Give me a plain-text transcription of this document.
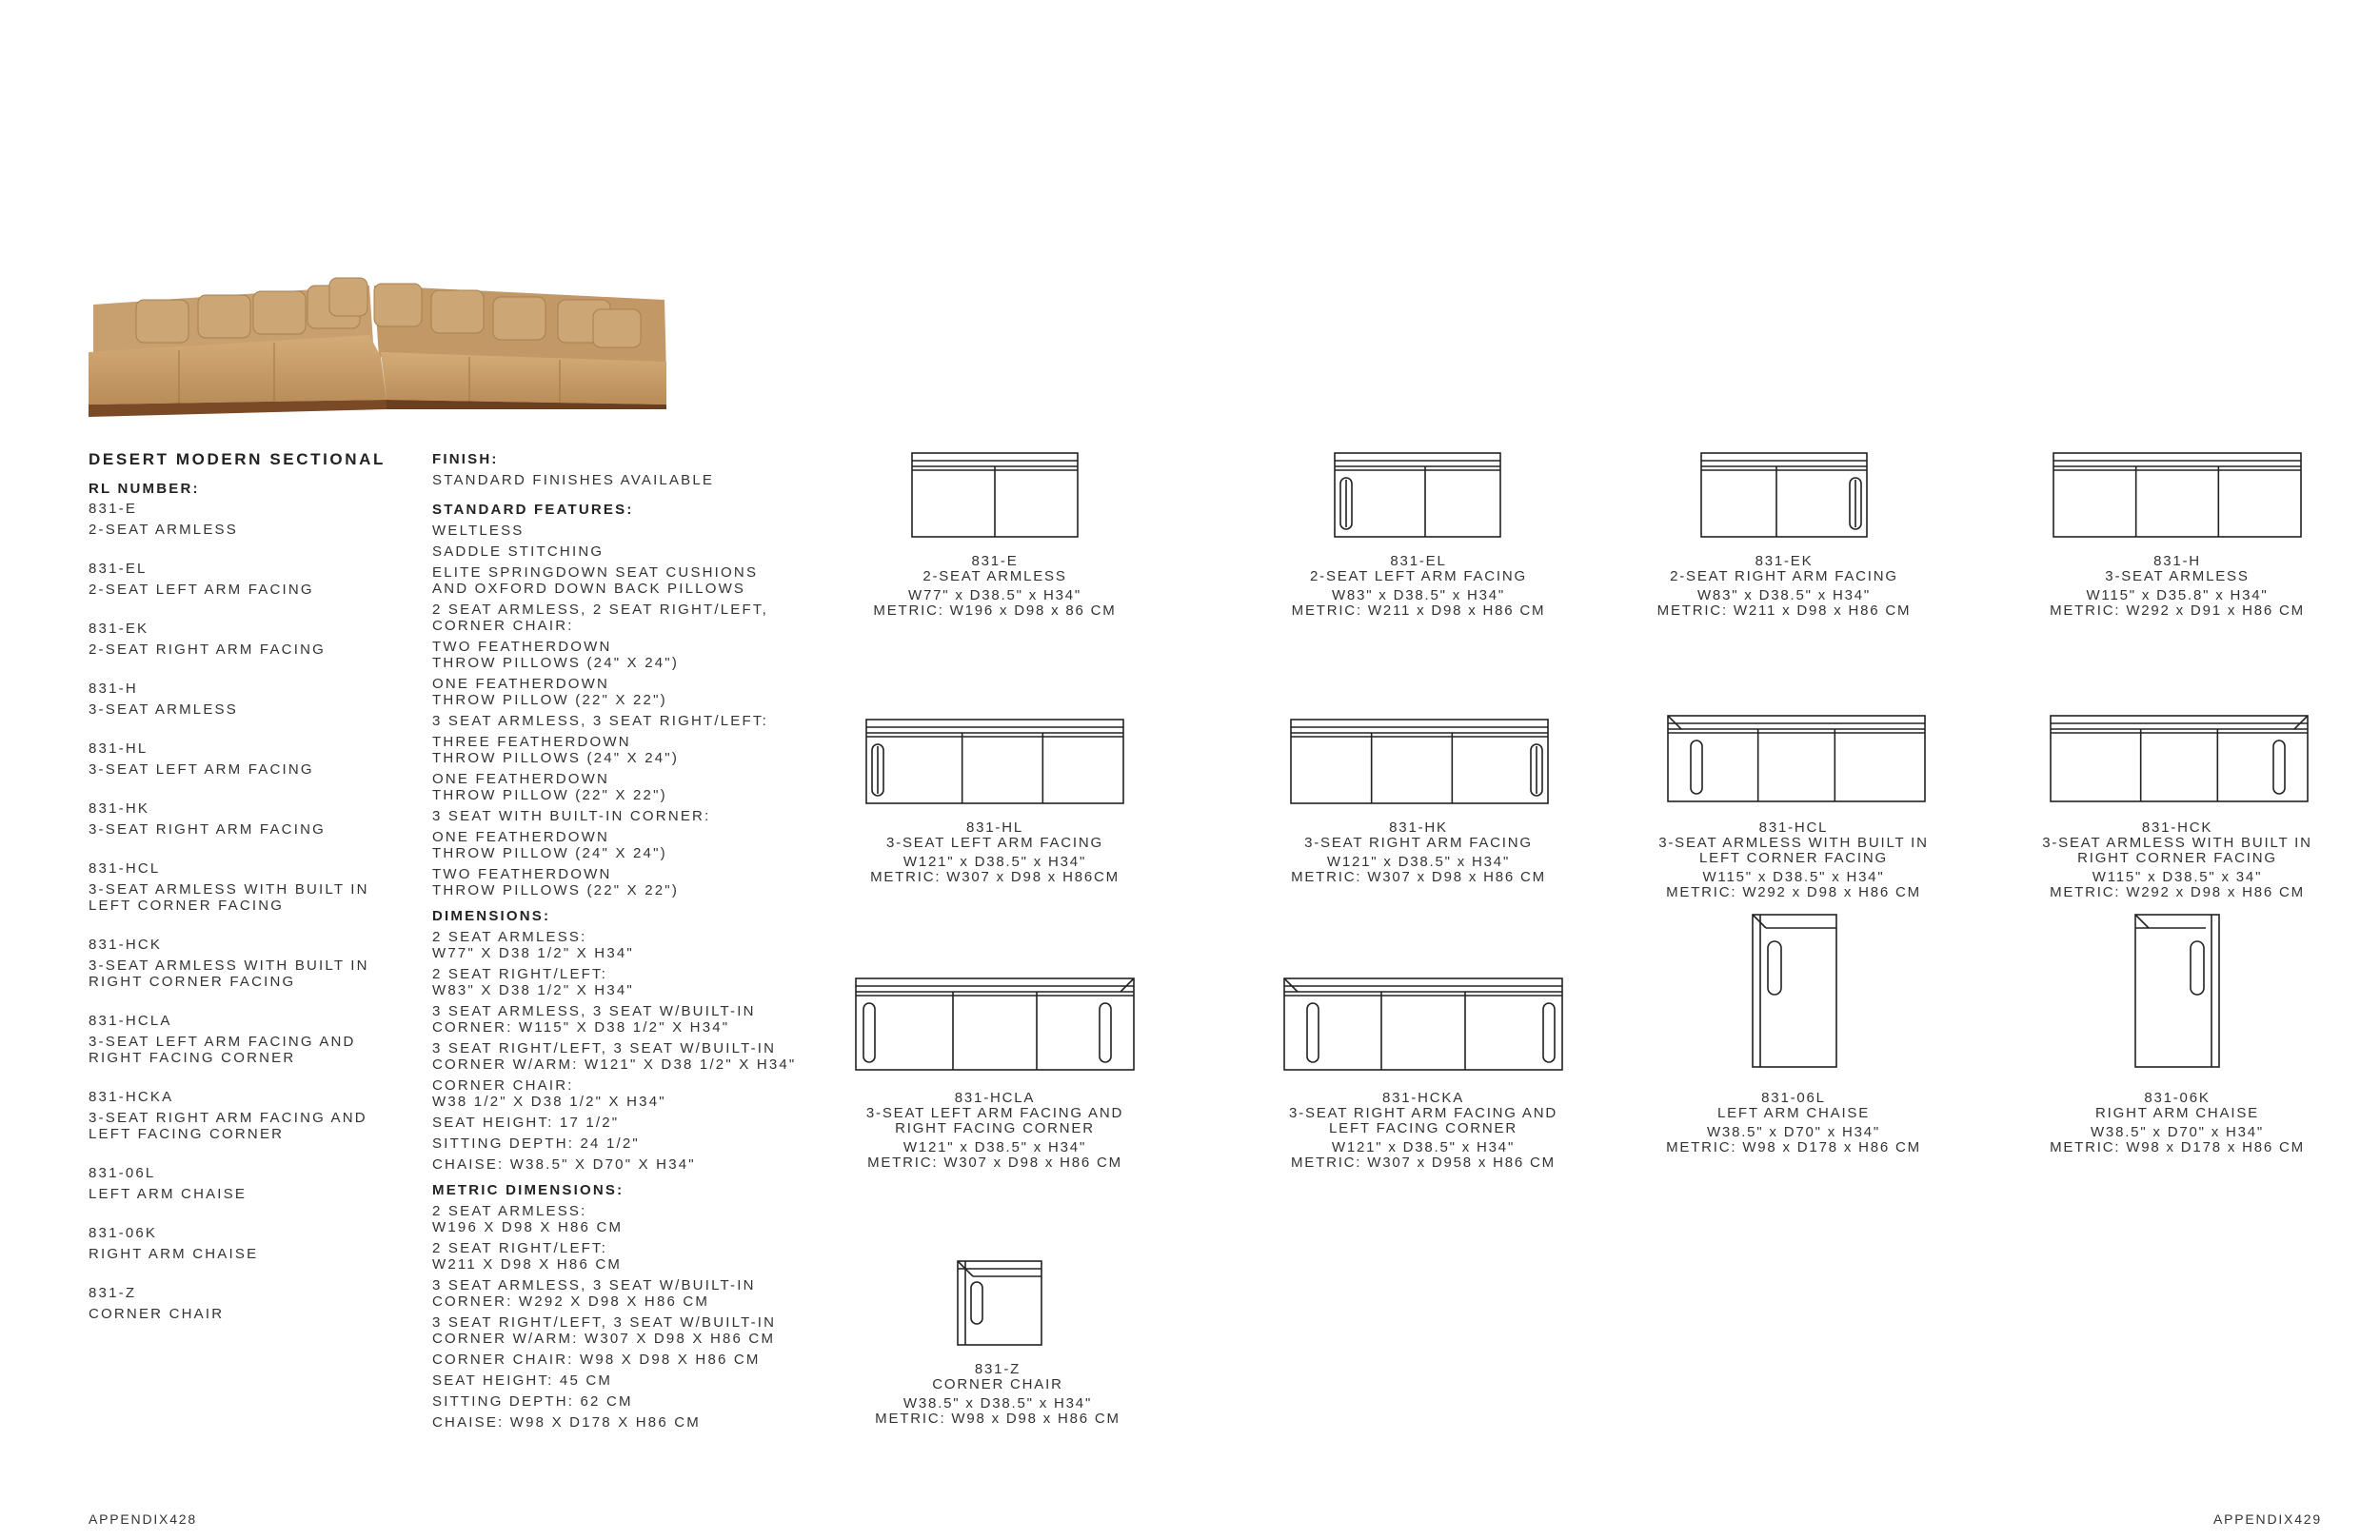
DESERT MODERN SECTIONAL
RL NUMBER:
831-E
2-SEAT ARMLESS
831-EL
2-SEAT LEFT ARM FACING
831-EK
2-SEAT RIGHT ARM FACING
831-H
3-SEAT ARMLESS
831-HL
3-SEAT LEFT ARM FACING
831-HK
3-SEAT RIGHT ARM FACING
831-HCL
3-SEAT ARMLESS WITH BUILT IN
LEFT CORNER FACING
831-HCK
3-SEAT ARMLESS WITH BUILT IN
RIGHT CORNER FACING
831-HCLA
3-SEAT LEFT ARM FACING AND
RIGHT FACING CORNER
831-HCKA
3-SEAT RIGHT ARM FACING AND
LEFT FACING CORNER
831-06L
LEFT ARM CHAISE
831-06K
RIGHT ARM CHAISE
831-Z
CORNER CHAIR
FINISH:
STANDARD FINISHES AVAILABLE
STANDARD FEATURES:
WELTLESS
SADDLE STITCHING
ELITE SPRINGDOWN SEAT CUSHIONS
AND OXFORD DOWN BACK PILLOWS
2 SEAT ARMLESS, 2 SEAT RIGHT/LEFT,
CORNER CHAIR:
TWO FEATHERDOWN
THROW PILLOWS (24" X 24")
ONE FEATHERDOWN
THROW PILLOW (22" X 22")
3 SEAT ARMLESS, 3 SEAT RIGHT/LEFT:
THREE FEATHERDOWN
THROW PILLOWS (24" X 24")
ONE FEATHERDOWN
THROW PILLOW (22" X 22")
3 SEAT WITH BUILT-IN CORNER:
ONE FEATHERDOWN
THROW PILLOW (24" X 24")
TWO FEATHERDOWN
THROW PILLOWS (22" X 22")
DIMENSIONS:
2 SEAT ARMLESS:
W77" X D38 1/2" X H34"
2 SEAT RIGHT/LEFT:
W83" X D38 1/2" X H34"
3 SEAT ARMLESS, 3 SEAT W/BUILT-IN
CORNER: W115" X D38 1/2" X H34"
3 SEAT RIGHT/LEFT, 3 SEAT W/BUILT-IN
CORNER W/ARM: W121" X D38 1/2" X H34"
CORNER CHAIR:
W38 1/2" X D38 1/2" X H34"
SEAT HEIGHT: 17 1/2"
SITTING DEPTH: 24 1/2"
CHAISE: W38.5" X D70" X H34"
METRIC DIMENSIONS:
2 SEAT ARMLESS:
W196 X D98 X H86 CM
2 SEAT RIGHT/LEFT:
W211 X D98 X H86 CM
3 SEAT ARMLESS, 3 SEAT W/BUILT-IN
CORNER: W292 X D98 X H86 CM
3 SEAT RIGHT/LEFT, 3 SEAT W/BUILT-IN
CORNER W/ARM: W307 X D98 X H86 CM
CORNER CHAIR: W98 X D98 X H86 CM
SEAT HEIGHT: 45 CM
SITTING DEPTH: 62 CM
CHAISE: W98 X D178 X H86 CM
831-E
2-SEAT ARMLESS
W77" x D38.5" x H34"
METRIC: W196 x D98 x 86 CM
831-EL
2-SEAT LEFT ARM FACING
W83" x D38.5" x H34"
METRIC: W211 x D98 x H86 CM
831-EK
2-SEAT RIGHT ARM FACING
W83" x D38.5" x H34"
METRIC: W211 x D98 x H86 CM
831-H
3-SEAT ARMLESS
W115" x D35.8" x H34"
METRIC: W292 x D91 x H86 CM
831-HL
3-SEAT LEFT ARM FACING
W121" x D38.5" x H34"
METRIC: W307 x D98 x H86CM
831-HK
3-SEAT RIGHT ARM FACING
W121" x D38.5" x H34"
METRIC: W307 x D98 x H86 CM
831-HCL
3-SEAT ARMLESS WITH BUILT IN
LEFT CORNER FACING
W115" x D38.5" x H34"
METRIC: W292 x D98 x H86 CM
831-HCK
3-SEAT ARMLESS WITH BUILT IN
RIGHT CORNER FACING
W115" x D38.5" x 34"
METRIC: W292 x D98 x H86 CM
831-HCLA
3-SEAT LEFT ARM FACING AND
RIGHT FACING CORNER
W121" x D38.5" x H34"
METRIC: W307 x D98 x H86 CM
831-HCKA
3-SEAT RIGHT ARM FACING AND
LEFT FACING CORNER
W121" x D38.5" x H34"
METRIC: W307 x D958 x H86 CM
831-06L
LEFT ARM CHAISE
W38.5" x D70" x H34"
METRIC: W98 x D178 x H86 CM
831-06K
RIGHT ARM CHAISE
W38.5" x D70" x H34"
METRIC: W98 x D178 x H86 CM
831-Z
CORNER CHAIR
W38.5" x D38.5" x H34"
METRIC: W98 x D98 x H86 CM
APPENDIX428	APPENDIX429
